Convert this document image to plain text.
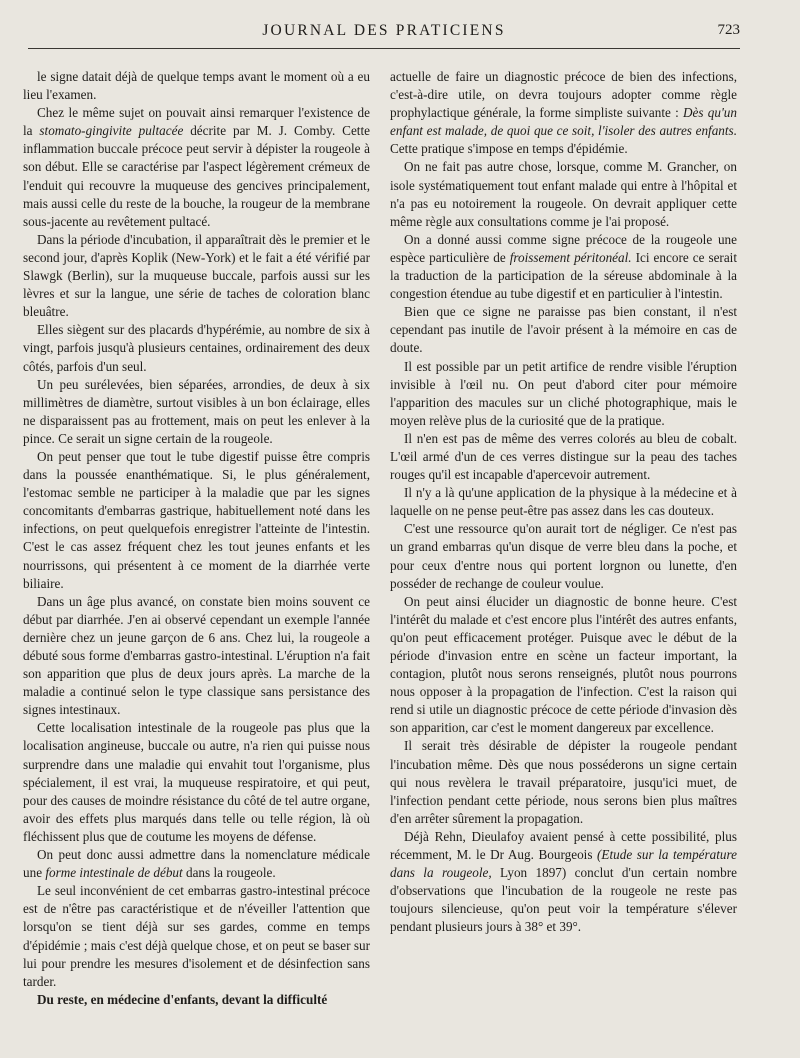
JOURNAL DES PRATICIENS	723

le signe datait déjà de quelque temps avant le moment où a eu lieu l'examen.

Chez le même sujet on pouvait ainsi remarquer l'existence de la stomato-gingivite pultacée décrite par M. J. Comby. Cette inflammation buccale précoce peut servir à dépister la rougeole à son début. Elle se caractérise par l'aspect légèrement crémeux de l'enduit qui recouvre la muqueuse des gencives principalement, mais aussi celle du reste de la bouche, la rougeur de la membrane sous-jacente au revêtement pultacé.

Dans la période d'incubation, il apparaîtrait dès le premier et le second jour, d'après Koplik (New-York) et le fait a été vérifié par Slawgk (Berlin), sur la muqueuse buccale, parfois aussi sur les lèvres et sur la langue, une série de taches de coloration blanc bleuâtre.

Elles siègent sur des placards d'hypérémie, au nombre de six à vingt, parfois jusqu'à plusieurs centaines, ordinairement des deux côtés, parfois d'un seul.

Un peu surélevées, bien séparées, arrondies, de deux à six millimètres de diamètre, surtout visibles à un bon éclairage, elles ne disparaissent pas au frottement, mais on peut les enlever à la pince. Ce serait un signe certain de la rougeole.

On peut penser que tout le tube digestif puisse être compris dans la poussée enanthématique. Si, le plus généralement, l'estomac semble ne participer à la maladie que par les signes concomitants d'embarras gastrique, habituellement noté dans les infections, on peut quelquefois enregistrer l'atteinte de l'intestin. C'est le cas assez fréquent chez les tout jeunes enfants et les nourrissons, qui présentent à ce moment de la diarrhée verte biliaire.

Dans un âge plus avancé, on constate bien moins souvent ce début par diarrhée. J'en ai observé cependant un exemple l'année dernière chez un jeune garçon de 6 ans. Chez lui, la rougeole a débuté sous forme d'embarras gastro-intestinal. L'éruption n'a fait son apparition que plus de deux jours après. La marche de la maladie a continué selon le type classique sans persistance des signes intestinaux.

Cette localisation intestinale de la rougeole pas plus que la localisation angineuse, buccale ou autre, n'a rien qui puisse nous surprendre dans une maladie qui envahit tout l'organisme, plus spécialement, il est vrai, la muqueuse respiratoire, et qui peut, pour des causes de moindre résistance du côté de tel autre organe, avoir des effets plus marqués dans telle ou telle région, là où fléchissent plus que de coutume les moyens de défense.

On peut donc aussi admettre dans la nomenclature médicale une forme intestinale de début dans la rougeole.

Le seul inconvénient de cet embarras gastro-intestinal précoce est de n'être pas caractéristique et de n'éveiller l'attention que lorsqu'on se tient déjà sur ses gardes, comme en temps d'épidémie ; mais c'est déjà quelque chose, et on peut se baser sur lui pour prendre les mesures d'isolement et de désinfection sans tarder.

Du reste, en médecine d'enfants, devant la difficulté

actuelle de faire un diagnostic précoce de bien des infections, c'est-à-dire utile, on devra toujours adopter comme règle prophylactique générale, la forme simpliste suivante : Dès qu'un enfant est malade, de quoi que ce soit, l'isoler des autres enfants. Cette pratique s'impose en temps d'épidémie.

On ne fait pas autre chose, lorsque, comme M. Grancher, on isole systématiquement tout enfant malade qui entre à l'hôpital et n'a pas eu notoirement la rougeole. On devrait appliquer cette même règle aux consultations comme je l'ai proposé.

On a donné aussi comme signe précoce de la rougeole une espèce particulière de froissement péritonéal. Ici encore ce serait la traduction de la participation de la séreuse abdominale à la congestion étendue au tube digestif et en particulier à l'intestin.

Bien que ce signe ne paraisse pas bien constant, il n'est cependant pas inutile de l'avoir présent à la mémoire en cas de doute.

Il est possible par un petit artifice de rendre visible l'éruption invisible à l'œil nu. On peut d'abord citer pour mémoire l'apparition des macules sur un cliché photographique, mais le moyen relève plus de la curiosité que de la pratique.

Il n'en est pas de même des verres colorés au bleu de cobalt. L'œil armé d'un de ces verres distingue sur la peau des taches rouges qu'il est incapable d'apercevoir autrement.

Il n'y a là qu'une application de la physique à la médecine et à laquelle on ne pense peut-être pas assez dans les cas douteux.

C'est une ressource qu'on aurait tort de négliger. Ce n'est pas un grand embarras qu'un disque de verre bleu dans la poche, et pour ceux d'entre nous qui portent lorgnon ou lunette, d'en posséder de rechange de couleur voulue.

On peut ainsi élucider un diagnostic de bonne heure. C'est l'intérêt du malade et c'est encore plus l'intérêt des autres enfants, qu'on peut efficacement protéger. Puisque avec le début de la période d'invasion entre en scène un facteur important, la contagion, plutôt nous serons renseignés, plutôt nous pourrons nous opposer à la propagation de l'infection. C'est la raison qui rend si utile un diagnostic précoce de cette période d'invasion dès son apparition, car c'est le moment dangereux par excellence.

Il serait très désirable de dépister la rougeole pendant l'incubation même. Dès que nous posséderons un signe certain qui nous revèlera le travail préparatoire, jusqu'ici muet, de l'infection pendant cette période, nous serons bien plus maîtres d'en arrêter sûrement la propagation.

Déjà Rehn, Dieulafoy avaient pensé à cette possibilité, plus récemment, M. le Dr Aug. Bourgeois (Etude sur la température dans la rougeole, Lyon 1897) conclut d'un certain nombre d'observations que l'incubation de la rougeole ne reste pas toujours silencieuse, qu'on peut voir la température s'élever pendant plusieurs jours à 38° et 39°.
